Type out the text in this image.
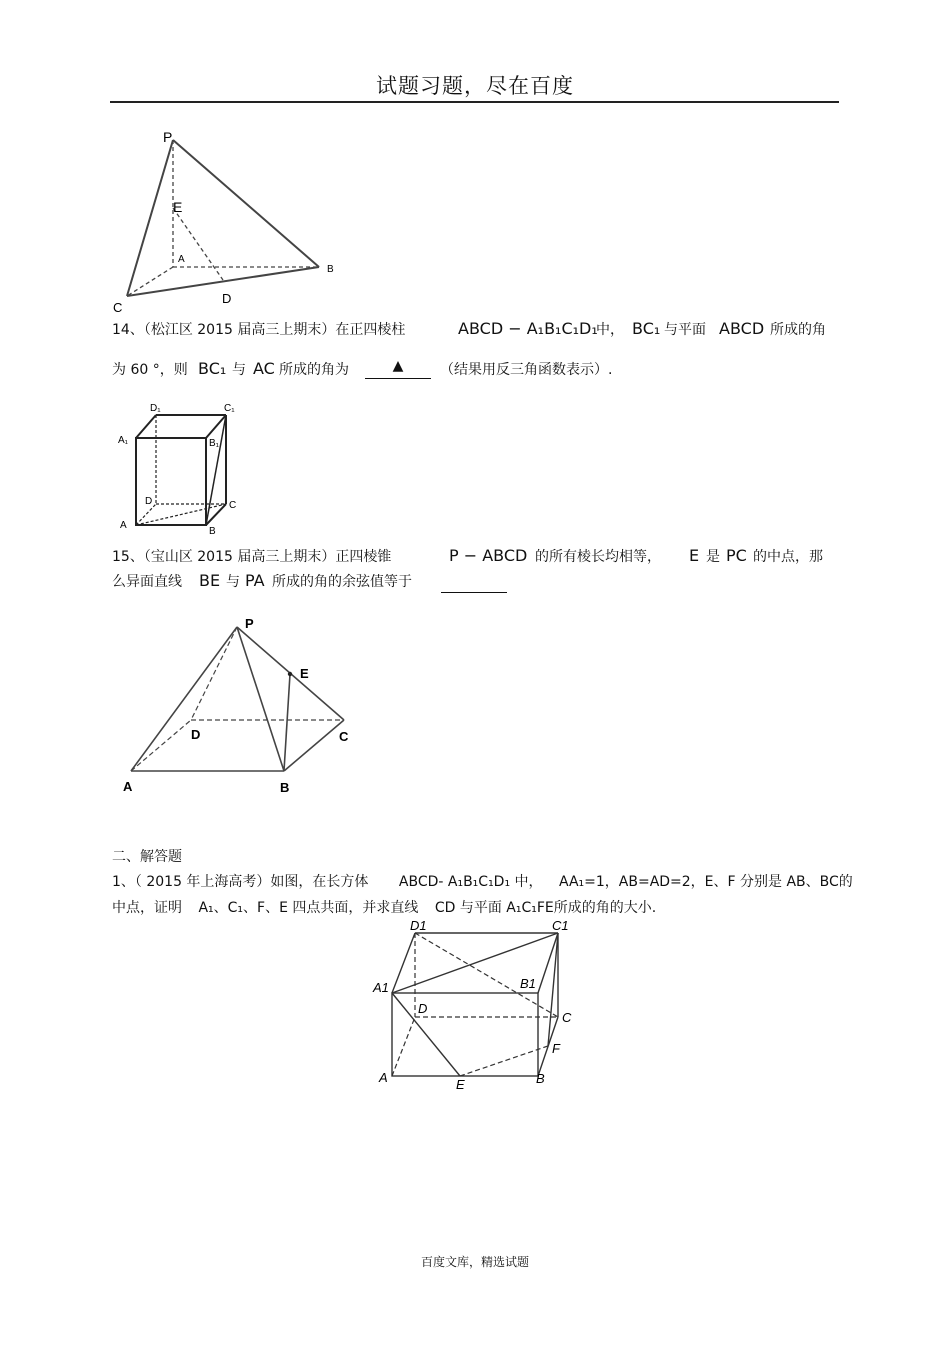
试题习题，尽在百度
P
E
A
B
C
D
14、（松江区 2015 届高三上期末）在正四棱柱	ABCD − A₁B₁C₁D₁
中， BC₁ 与平面 ABCD 所成的角
为 60 °，则 BC₁ 与 AC 所成的角为	▲	（结果用反三角函数表示）.
D₁	C₁
A₁	B₁
D	C
A
B
15、（宝山区 2015 届高三上期末）正四棱锥	P − ABCD 的所有棱长均相等， E 是 PC 的中点，那
么异面直线 BE 与 PA 所成的角的余弦值等于
P
E
D	C
A	B
二、解答题
1、（ 2015 年上海高考）如图，在长方体 ABCD- A₁B₁C₁D₁ 中， AA₁=1，AB=AD=2，E、F 分别是 AB、BC的
中点，证明 A₁、C₁、F、E 四点共面，并求直线 CD 与平面 A₁C₁FE所成的角的大小.
D1	C1
A1	B1
D
C
F
A	E	B
百度文库，精选试题
